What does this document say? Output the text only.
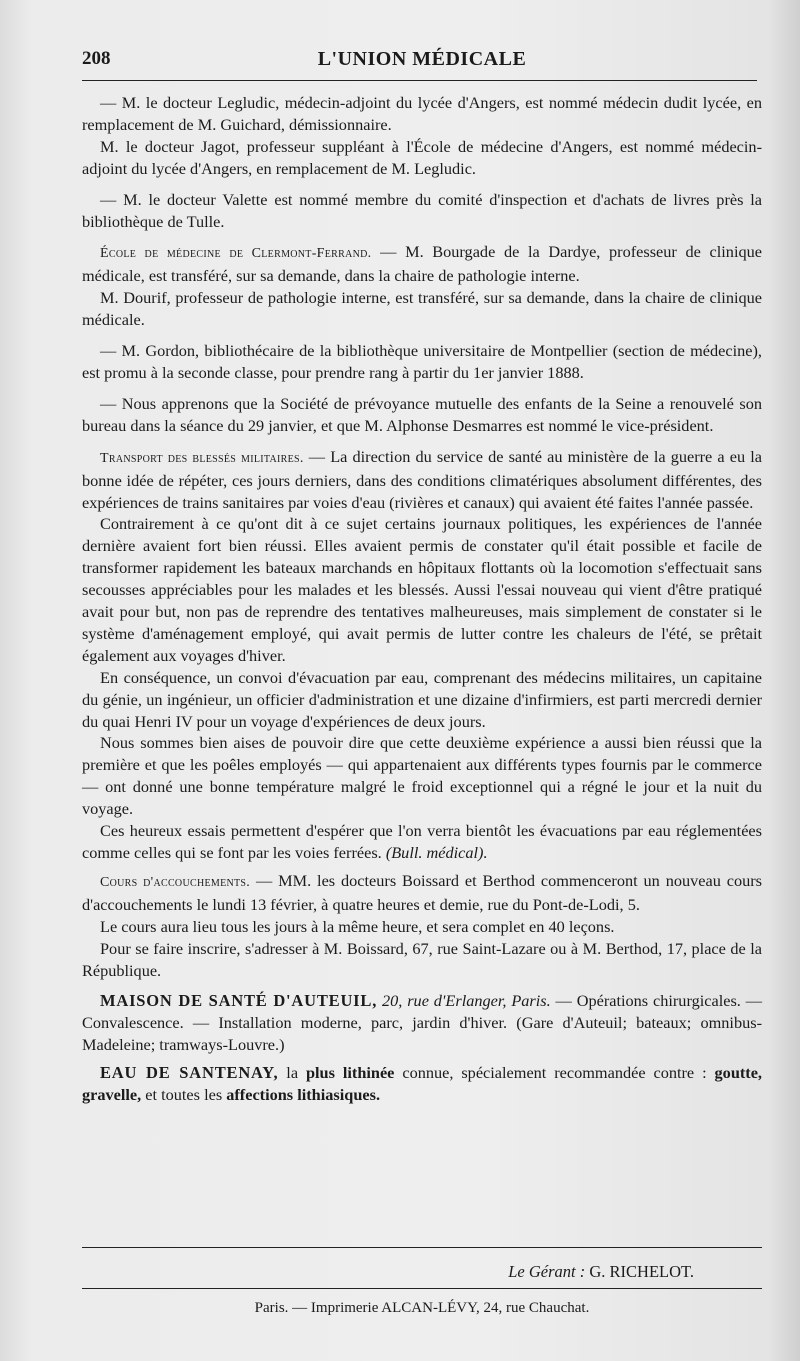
208	L'UNION MÉDICALE

— M. le docteur Legludic, médecin-adjoint du lycée d'Angers, est nommé médecin dudit lycée, en remplacement de M. Guichard, démissionnaire.

M. le docteur Jagot, professeur suppléant à l'École de médecine d'Angers, est nommé médecin-adjoint du lycée d'Angers, en remplacement de M. Legludic.

— M. le docteur Valette est nommé membre du comité d'inspection et d'achats de livres près la bibliothèque de Tulle.

École de médecine de Clermont-Ferrand. — M. Bourgade de la Dardye, professeur de clinique médicale, est transféré, sur sa demande, dans la chaire de pathologie interne.

M. Dourif, professeur de pathologie interne, est transféré, sur sa demande, dans la chaire de clinique médicale.

— M. Gordon, bibliothécaire de la bibliothèque universitaire de Montpellier (section de médecine), est promu à la seconde classe, pour prendre rang à partir du 1er janvier 1888.

— Nous apprenons que la Société de prévoyance mutuelle des enfants de la Seine a renouvelé son bureau dans la séance du 29 janvier, et que M. Alphonse Desmarres est nommé le vice-président.

Transport des blessés militaires. — La direction du service de santé au ministère de la guerre a eu la bonne idée de répéter, ces jours derniers, dans des conditions climatériques absolument différentes, des expériences de trains sanitaires par voies d'eau (rivières et canaux) qui avaient été faites l'année passée.

Contrairement à ce qu'ont dit à ce sujet certains journaux politiques, les expériences de l'année dernière avaient fort bien réussi. Elles avaient permis de constater qu'il était possible et facile de transformer rapidement les bateaux marchands en hôpitaux flottants où la locomotion s'effectuait sans secousses appréciables pour les malades et les blessés. Aussi l'essai nouveau qui vient d'être pratiqué avait pour but, non pas de reprendre des tentatives malheureuses, mais simplement de constater si le système d'aménagement employé, qui avait permis de lutter contre les chaleurs de l'été, se prêtait également aux voyages d'hiver.

En conséquence, un convoi d'évacuation par eau, comprenant des médecins militaires, un capitaine du génie, un ingénieur, un officier d'administration et une dizaine d'infirmiers, est parti mercredi dernier du quai Henri IV pour un voyage d'expériences de deux jours.

Nous sommes bien aises de pouvoir dire que cette deuxième expérience a aussi bien réussi que la première et que les poêles employés — qui appartenaient aux différents types fournis par le commerce — ont donné une bonne température malgré le froid exceptionnel qui a régné le jour et la nuit du voyage.

Ces heureux essais permettent d'espérer que l'on verra bientôt les évacuations par eau réglementées comme celles qui se font par les voies ferrées. (Bull. médical).

Cours d'accouchements. — MM. les docteurs Boissard et Berthod commenceront un nouveau cours d'accouchements le lundi 13 février, à quatre heures et demie, rue du Pont-de-Lodi, 5.

Le cours aura lieu tous les jours à la même heure, et sera complet en 40 leçons.

Pour se faire inscrire, s'adresser à M. Boissard, 67, rue Saint-Lazare ou à M. Berthod, 17, place de la République.

MAISON DE SANTÉ D'AUTEUIL, 20, rue d'Erlanger, Paris. — Opérations chirurgicales. — Convalescence. — Installation moderne, parc, jardin d'hiver. (Gare d'Auteuil; bateaux; omnibus-Madeleine; tramways-Louvre.)

EAU DE SANTENAY, la plus lithinée connue, spécialement recommandée contre : goutte, gravelle, et toutes les affections lithiasiques.

Le Gérant : G. RICHELOT.
Paris. — Imprimerie ALCAN-LÉVY, 24, rue Chauchat.
